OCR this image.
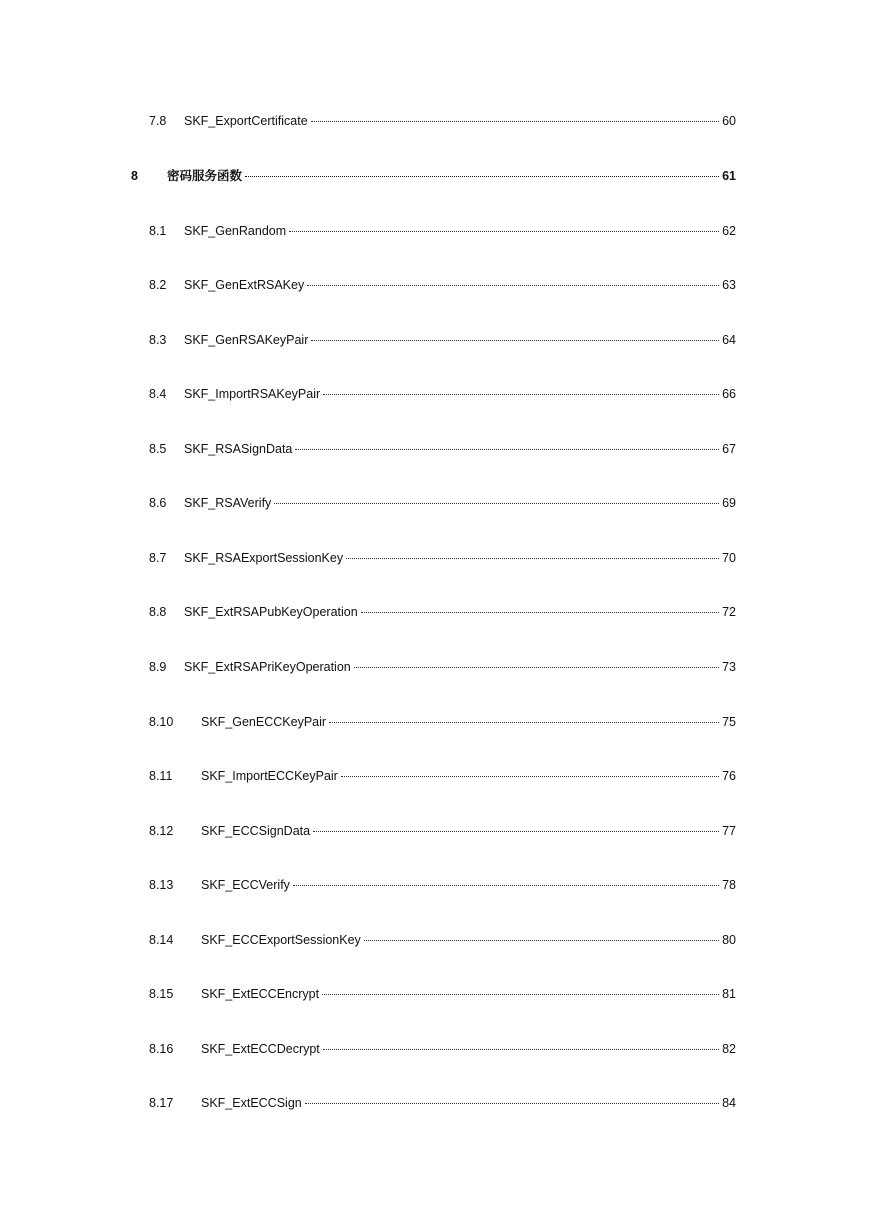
7.8 SKF_ExportCertificate	60
8 密码服务函数	61
8.1 SKF_GenRandom	62
8.2 SKF_GenExtRSAKey	63
8.3 SKF_GenRSAKeyPair	64
8.4 SKF_ImportRSAKeyPair	66
8.5 SKF_RSASignData	67
8.6 SKF_RSAVerify	69
8.7 SKF_RSAExportSessionKey	70
8.8 SKF_ExtRSAPubKeyOperation	72
8.9 SKF_ExtRSAPriKeyOperation	73
8.10 SKF_GenECCKeyPair	75
8.11 SKF_ImportECCKeyPair	76
8.12 SKF_ECCSignData	77
8.13 SKF_ECCVerify	78
8.14 SKF_ECCExportSessionKey	80
8.15 SKF_ExtECCEncrypt	81
8.16 SKF_ExtECCDecrypt	82
8.17 SKF_ExtECCSign	84
